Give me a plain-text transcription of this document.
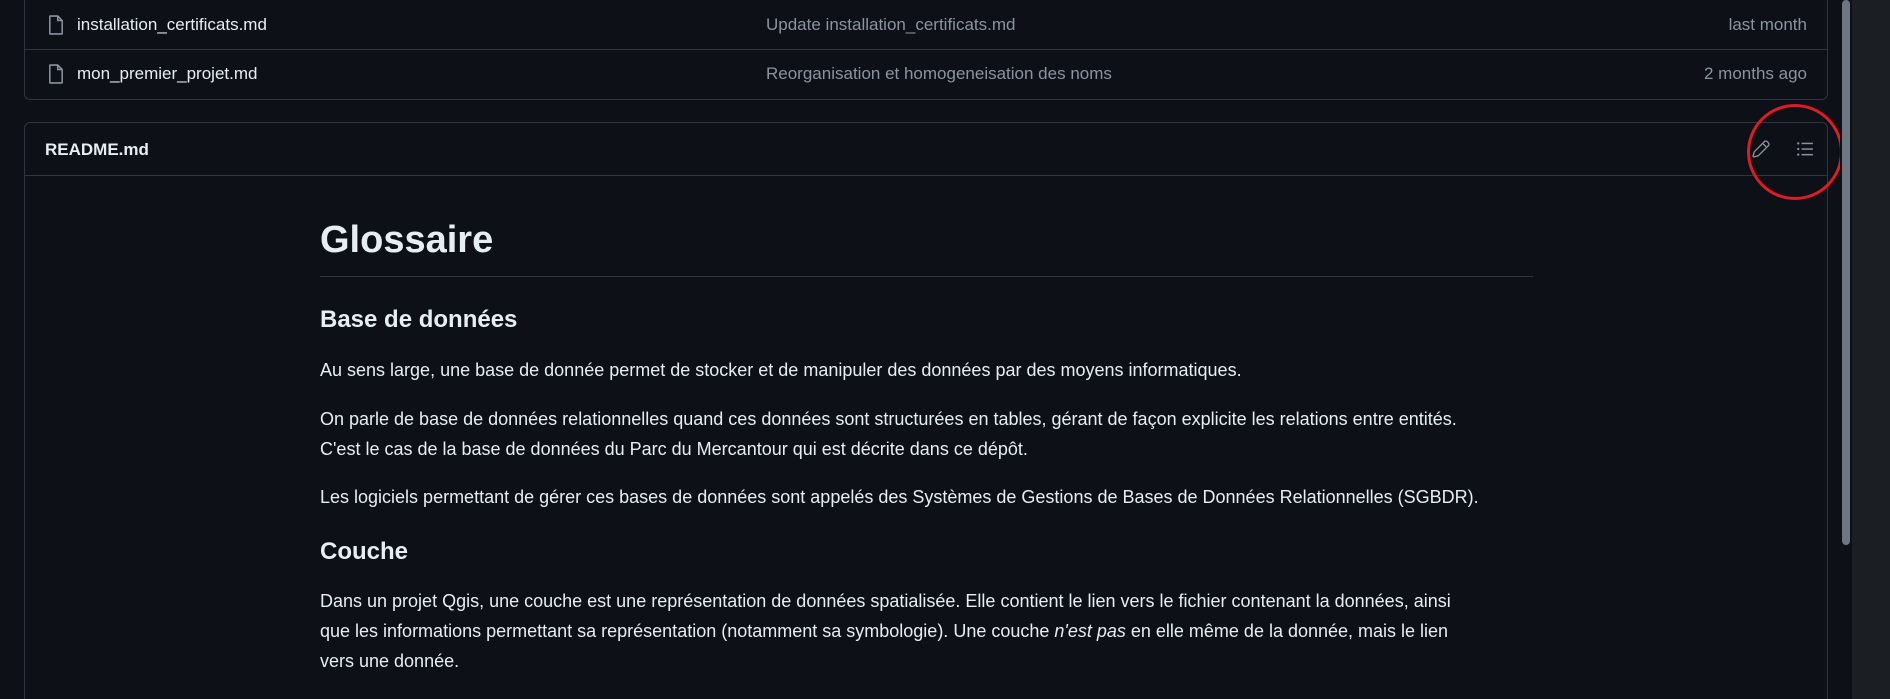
installation_certificats.md	Update installation_certificats.md	last month
mon_premier_projet.md	Reorganisation et homogeneisation des noms	2 months ago
README.md
Glossaire
Base de données
Au sens large, une base de donnée permet de stocker et de manipuler des données par des moyens informatiques.
On parle de base de données relationnelles quand ces données sont structurées en tables, gérant de façon explicite les relations entre entités.
C'est le cas de la base de données du Parc du Mercantour qui est décrite dans ce dépôt.
Les logiciels permettant de gérer ces bases de données sont appelés des Systèmes de Gestions de Bases de Données Relationnelles (SGBDR).
Couche
Dans un projet Qgis, une couche est une représentation de données spatialisée. Elle contient le lien vers le fichier contenant la données, ainsi
que les informations permettant sa représentation (notamment sa symbologie). Une couche n'est pas en elle même de la donnée, mais le lien
vers une donnée.
